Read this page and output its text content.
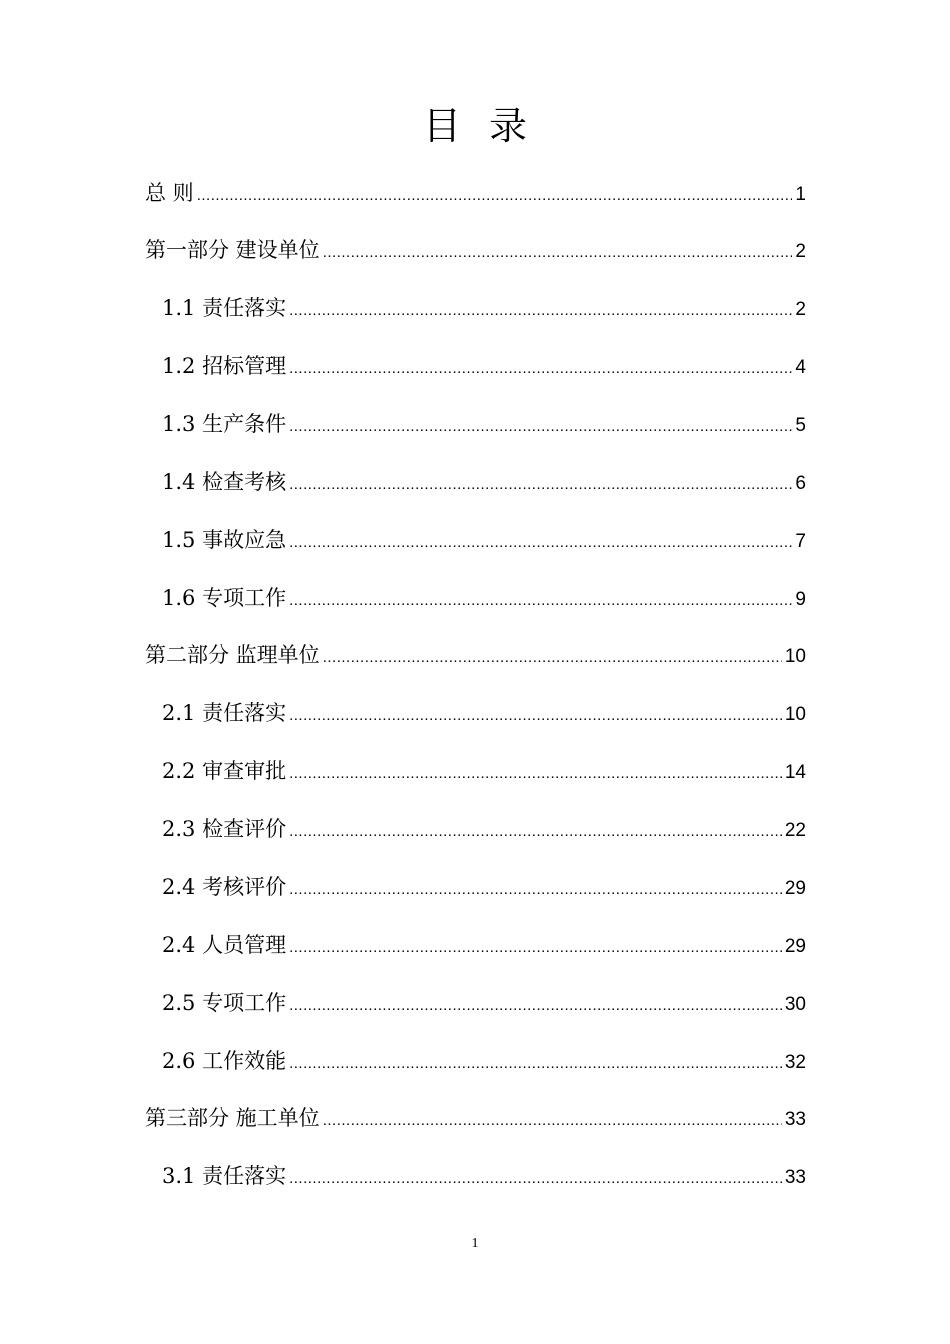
目录
总 则 .....	1
第一部分 建设单位 .....	2
1.1 责任落实 .....	2
1.2 招标管理 .....	4
1.3 生产条件 .....	5
1.4 检查考核 .....	6
1.5 事故应急 .....	7
1.6 专项工作 .....	9
第二部分 监理单位 .....	10
2.1 责任落实 .....	10
2.2 审查审批 .....	14
2.3 检查评价 .....	22
2.4 考核评价 .....	29
2.4 人员管理 .....	29
2.5 专项工作 .....	30
2.6 工作效能 .....	32
第三部分 施工单位 .....	33
3.1 责任落实 .....	33
1
